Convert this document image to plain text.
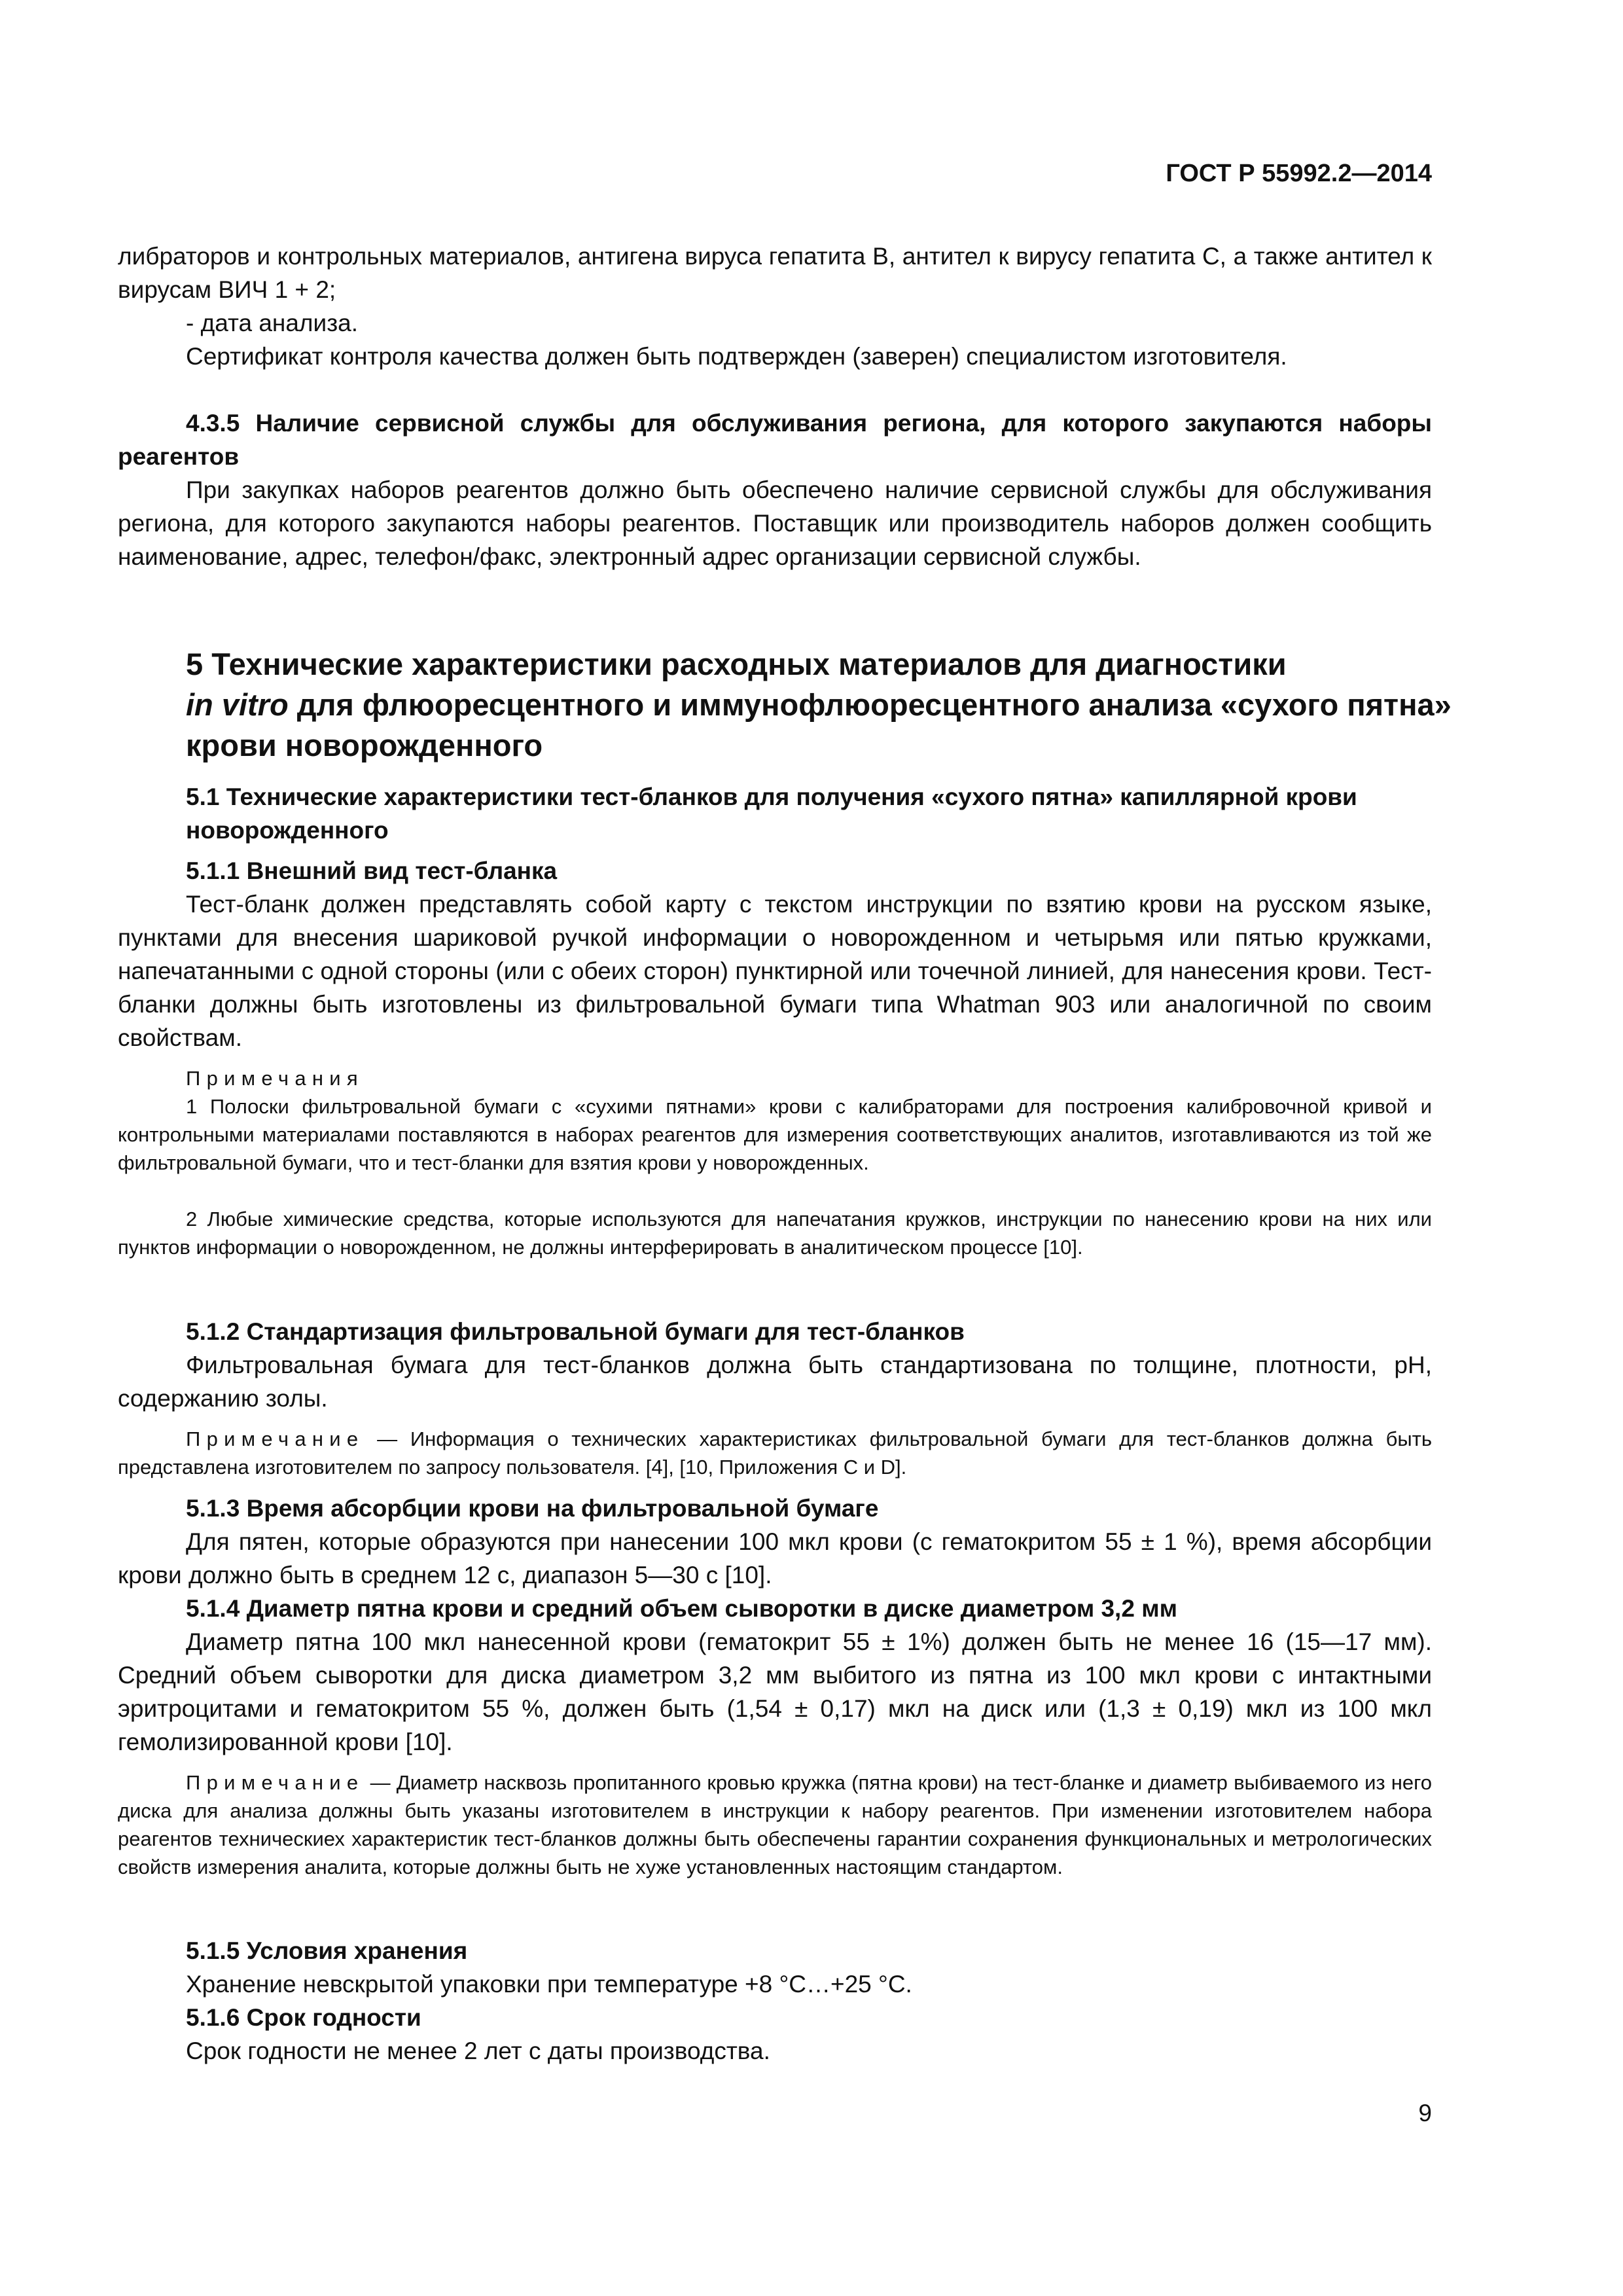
ГОСТ Р 55992.2—2014
либраторов и контрольных материалов, антигена вируса гепатита В, антител к вирусу гепатита С, а также антител к вирусам ВИЧ 1 + 2;
- дата анализа.
Сертификат контроля качества должен быть подтвержден (заверен) специалистом изготовителя.
4.3.5 Наличие сервисной службы для обслуживания региона, для которого закупаются наборы реагентов
При закупках наборов реагентов должно быть обеспечено наличие сервисной службы для обслуживания региона, для которого закупаются наборы реагентов. Поставщик или производитель наборов должен сообщить наименование, адрес, телефон/факс, электронный адрес организации сервисной службы.
5 Технические характеристики расходных материалов для диагностики
in vitro для флюоресцентного и иммунофлюоресцентного анализа «сухого пятна» крови новорожденного
5.1 Технические характеристики тест-бланков для получения «сухого пятна» капиллярной крови новорожденного
5.1.1 Внешний вид тест-бланка
Тест-бланк должен представлять собой карту с текстом инструкции по взятию крови на русском языке, пунктами для внесения шариковой ручкой информации о новорожденном и четырьмя или пятью кружками, напечатанными с одной стороны (или с обеих сторон) пунктирной или точечной линией, для нанесения крови. Тест-бланки должны быть изготовлены из фильтровальной бумаги типа Whatman 903 или аналогичной по своим свойствам.
Примечания
1 Полоски фильтровальной бумаги с «сухими пятнами» крови с калибраторами для построения калибровочной кривой и контрольными материалами поставляются в наборах реагентов для измерения соответствующих аналитов, изготавливаются из той же фильтровальной бумаги, что и тест-бланки для взятия крови у новорожденных.
2 Любые химические средства, которые используются для напечатания кружков, инструкции по нанесению крови на них или пунктов информации о новорожденном, не должны интерферировать в аналитическом процессе [10].
5.1.2 Стандартизация фильтровальной бумаги для тест-бланков
Фильтровальная бумага для тест-бланков должна быть стандартизована по толщине, плотности, pH, содержанию золы.
Примечание — Информация о технических характеристиках фильтровальной бумаги для тест-бланков должна быть представлена изготовителем по запросу пользователя. [4], [10, Приложения С и D].
5.1.3 Время абсорбции крови на фильтровальной бумаге
Для пятен, которые образуются при нанесении 100 мкл крови (с гематокритом 55 ± 1 %), время абсорбции крови должно быть в среднем 12 с, диапазон 5—30 с [10].
5.1.4 Диаметр пятна крови и средний объем сыворотки в диске диаметром 3,2 мм
Диаметр пятна 100 мкл нанесенной крови (гематокрит 55 ± 1%) должен быть не менее 16 (15—17 мм). Средний объем сыворотки для диска диаметром 3,2 мм выбитого из пятна из 100 мкл крови с интактными эритроцитами и гематокритом 55 %, должен быть (1,54 ± 0,17) мкл на диск или (1,3 ± 0,19) мкл из 100 мкл гемолизированной крови [10].
Примечание — Диаметр насквозь пропитанного кровью кружка (пятна крови) на тест-бланке и диаметр выбиваемого из него диска для анализа должны быть указаны изготовителем в инструкции к набору реагентов. При изменении изготовителем набора реагентов техническиех характеристик тест-бланков должны быть обеспечены гарантии сохранения функциональных и метрологических свойств измерения аналита, которые должны быть не хуже установленных настоящим стандартом.
5.1.5 Условия хранения
Хранение невскрытой упаковки при температуре +8 °С…+25 °С.
5.1.6 Срок годности
Срок годности не менее 2 лет с даты производства.
9
